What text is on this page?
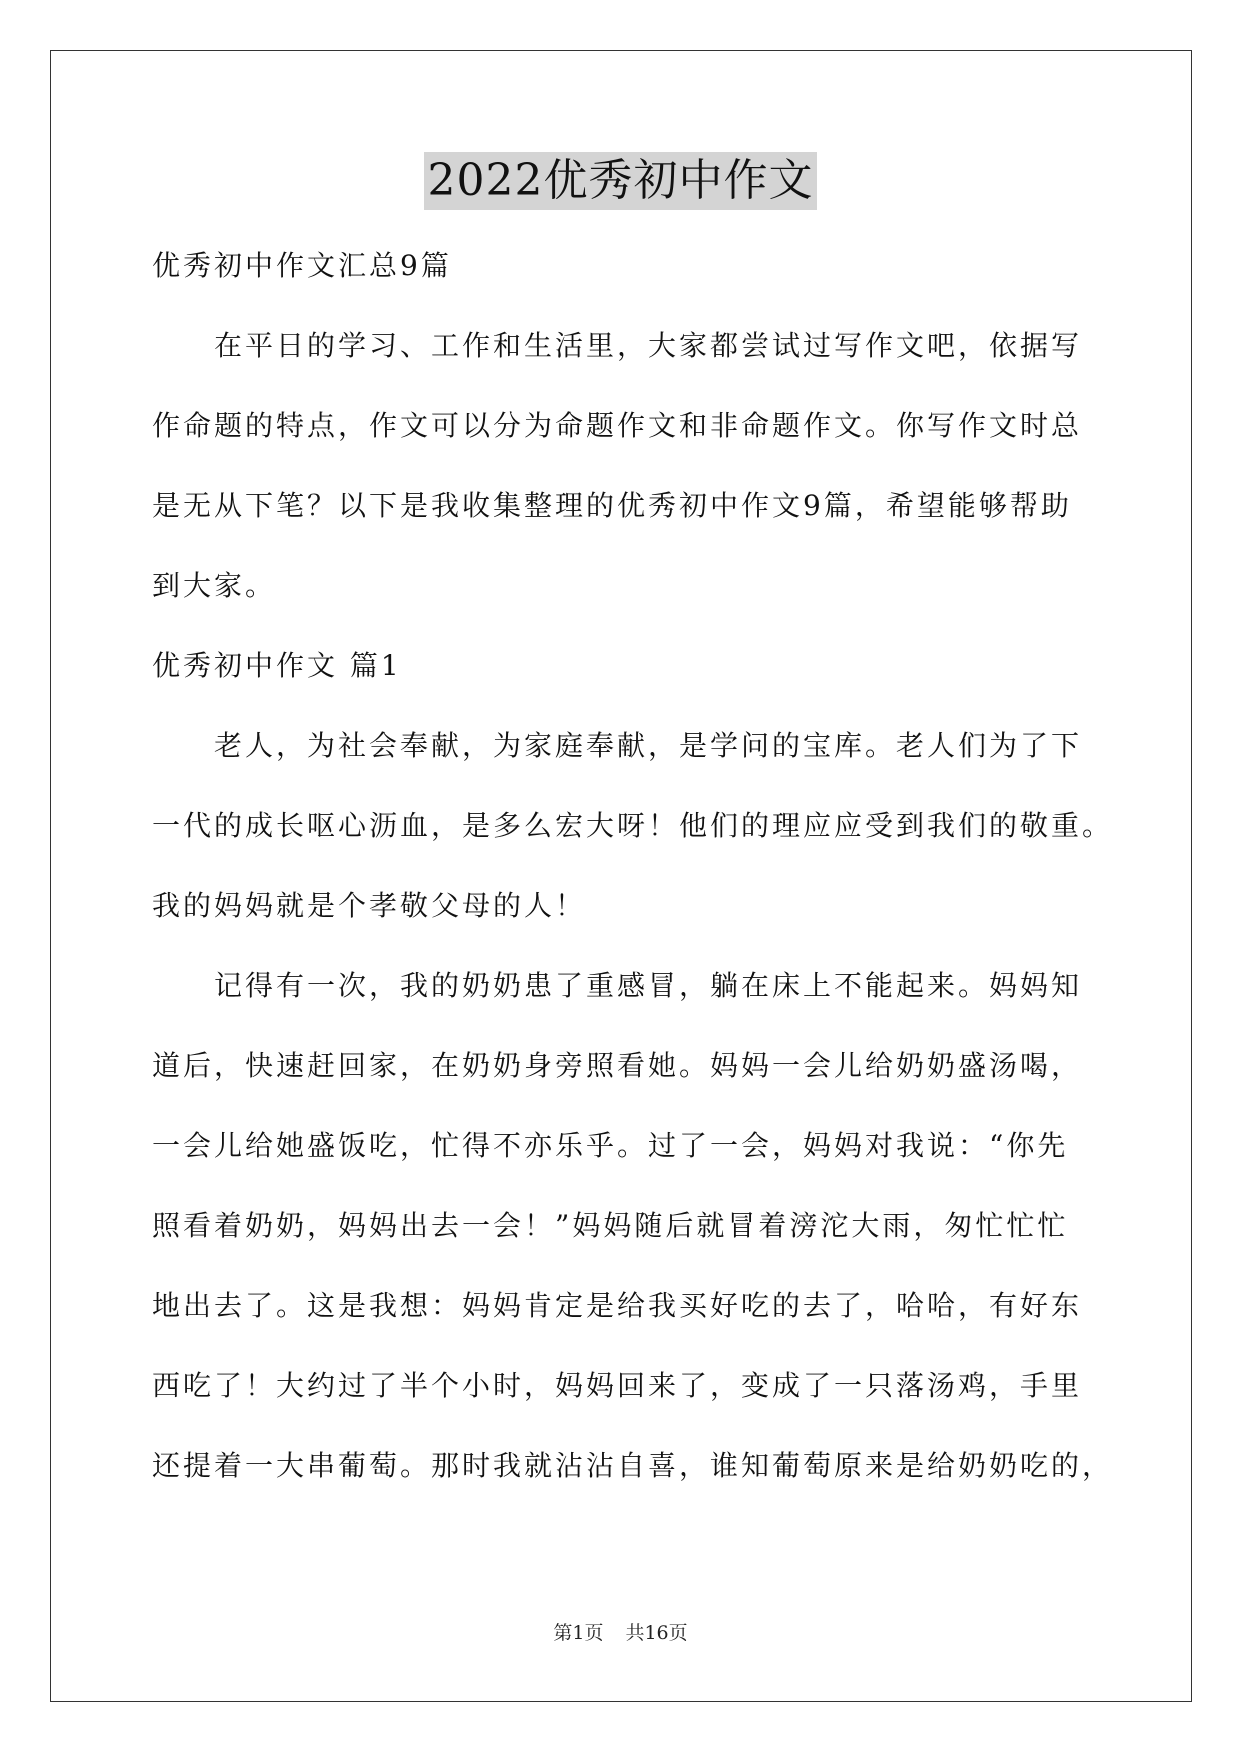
2022优秀初中作文
优秀初中作文汇总9篇
在平日的学习、工作和生活里，大家都尝试过写作文吧，依据写
作命题的特点，作文可以分为命题作文和非命题作文。你写作文时总
是无从下笔？以下是我收集整理的优秀初中作文9篇，希望能够帮助
到大家。
优秀初中作文 篇1
老人，为社会奉献，为家庭奉献，是学问的宝库。老人们为了下
一代的成长呕心沥血，是多么宏大呀！他们的理应应受到我们的敬重。
我的妈妈就是个孝敬父母的人！
记得有一次，我的奶奶患了重感冒，躺在床上不能起来。妈妈知
道后，快速赶回家，在奶奶身旁照看她。妈妈一会儿给奶奶盛汤喝，
一会儿给她盛饭吃，忙得不亦乐乎。过了一会，妈妈对我说：“你先
照看着奶奶，妈妈出去一会！”妈妈随后就冒着滂沱大雨，匆忙忙忙
地出去了。这是我想：妈妈肯定是给我买好吃的去了，哈哈，有好东
西吃了！大约过了半个小时，妈妈回来了，变成了一只落汤鸡，手里
还提着一大串葡萄。那时我就沾沾自喜，谁知葡萄原来是给奶奶吃的，
第1页 共16页
